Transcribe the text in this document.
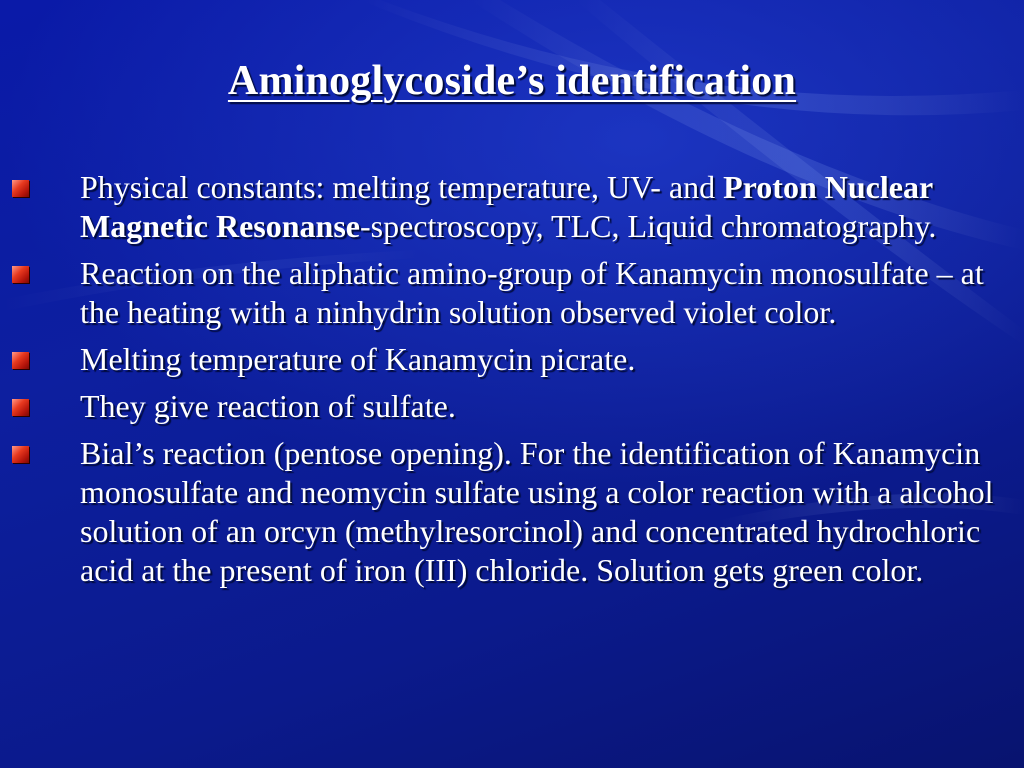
Aminoglycoside’s identification
Physical constants: melting temperature, UV- and Proton Nuclear Magnetic Resonanse-spectroscopy, TLC, Liquid chromatography.
Reaction on the aliphatic amino-group of Kanamycin monosulfate – at the heating with a ninhydrin solution observed violet color.
Melting temperature of Kanamycin picrate.
They give reaction of sulfate.
Bial’s reaction (pentose opening). For the identification of Kanamycin monosulfate and neomycin sulfate using a color reaction with a alcohol solution of an orcyn (methylresorcinol) and concentrated hydrochloric acid at the present of iron (III) chloride. Solution gets green color.
